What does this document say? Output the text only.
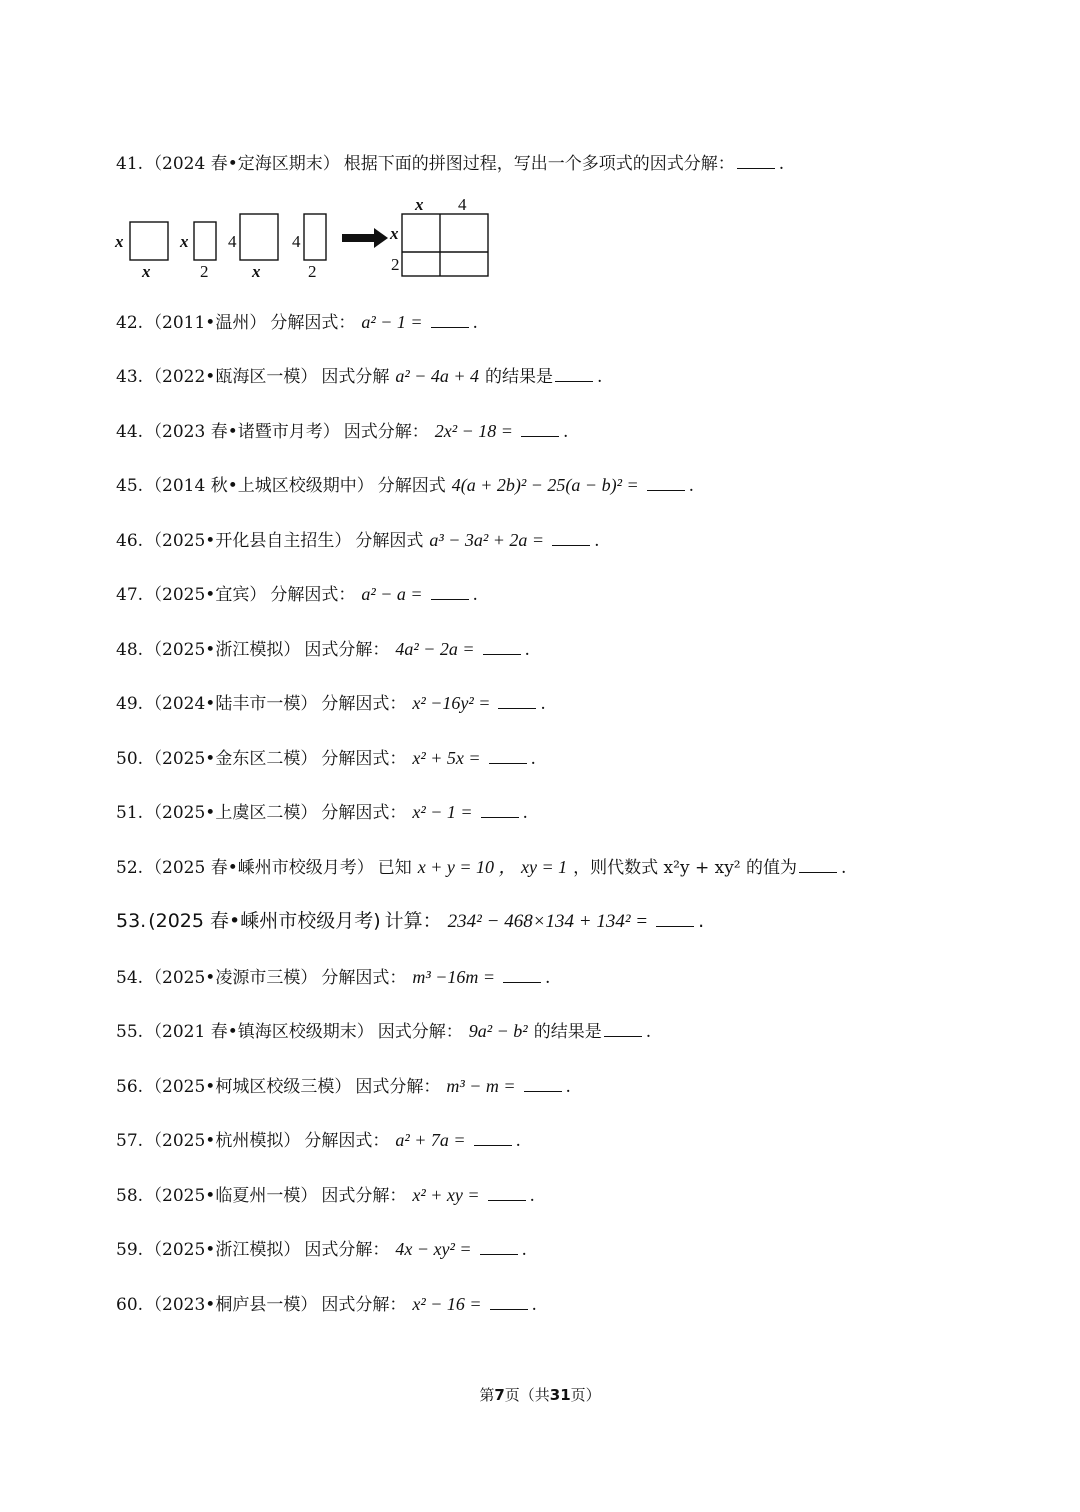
41. （2024 春•定海区期末） 根据下面的拼图过程，写出一个多项式的因式分解：	.
42. （2011•温州） 分解因式： a² − 1 =	.
43. （2022•瓯海区一模） 因式分解 a² − 4a + 4 的结果是	.
44. （2023 春•诸暨市月考） 因式分解： 2x² − 18 =	.
45. （2014 秋•上城区校级期中） 分解因式 4(a + 2b)² − 25(a − b)² =	.
46. （2025•开化县自主招生） 分解因式 a³ − 3a² + 2a =	.
47. （2025•宜宾） 分解因式： a² − a =	.
48. （2025•浙江模拟） 因式分解： 4a² − 2a =	.
49. （2024•陆丰市一模） 分解因式： x² −16y² =	.
50. （2025•金东区二模） 分解因式： x² + 5x =	.
51. （2025•上虞区二模） 分解因式： x² − 1 =	.
52. （2025 春•嵊州市校级月考） 已知 x + y = 10 ， xy = 1 ，则代数式 x²y + xy² 的值为	.
53. (2025 春•嵊州市校级月考) 计算： 234² − 468×134 + 134² =	.
54. （2025•凌源市三模） 分解因式： m³ −16m =	.
55. （2021 春•镇海区校级期末） 因式分解： 9a² − b² 的结果是	.
56. （2025•柯城区校级三模） 因式分解： m³ − m =	.
57. （2025•杭州模拟） 分解因式： a² + 7a =	.
58. （2025•临夏州一模） 因式分解： x² + xy =	.
59. （2025•浙江模拟） 因式分解： 4x − xy² =	.
60. （2023•桐庐县一模） 因式分解： x² − 16 =	.
x
x
x
2
4
x
4
2
x 4
x
2
第7页（共31页）
